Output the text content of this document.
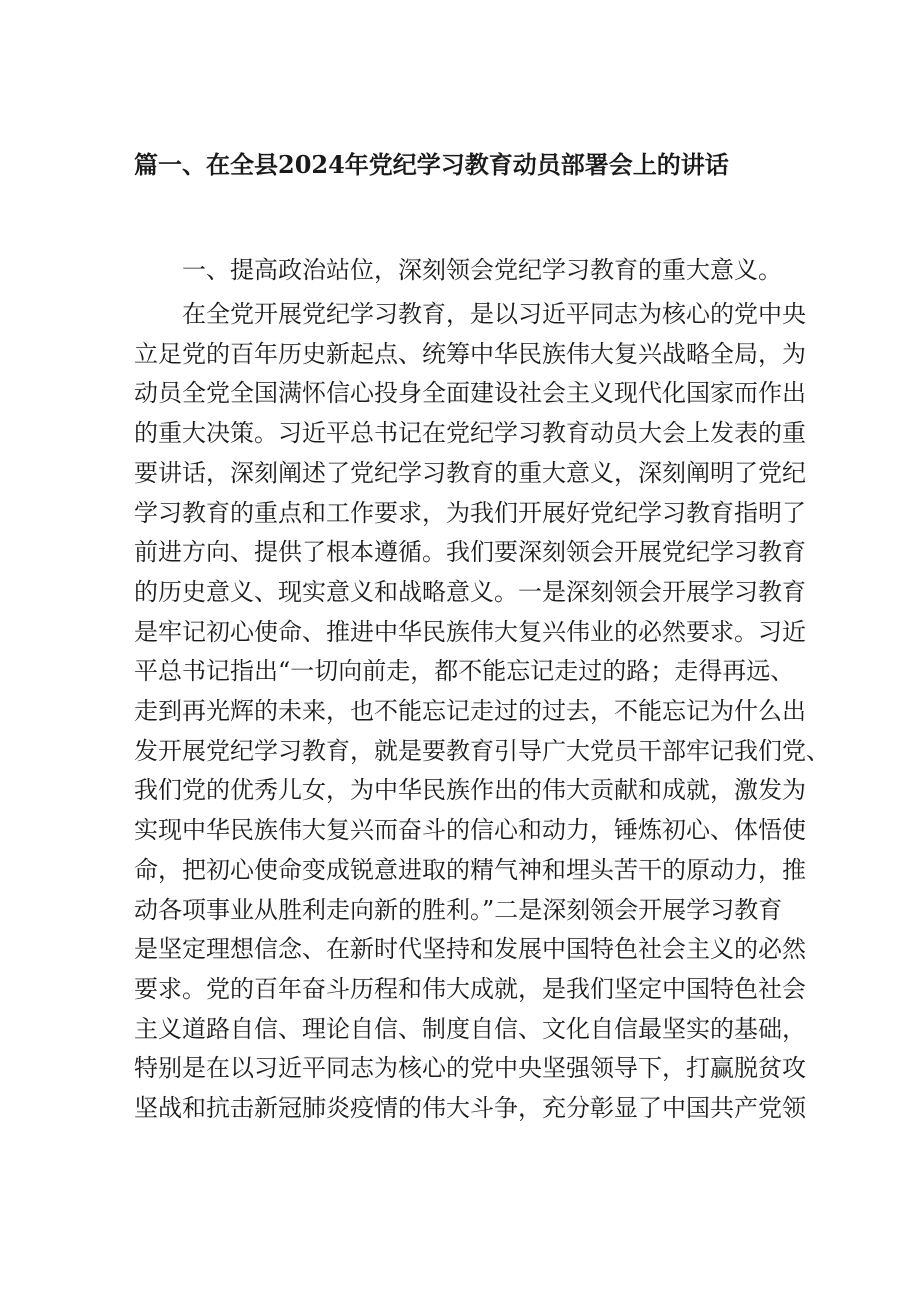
篇一、在全县2024年党纪学习教育动员部署会上的讲话

一、提高政治站位，深刻领会党纪学习教育的重大意义。

在全党开展党纪学习教育，是以习近平同志为核心的党中央
立足党的百年历史新起点、统筹中华民族伟大复兴战略全局，为
动员全党全国满怀信心投身全面建设社会主义现代化国家而作出
的重大决策。习近平总书记在党纪学习教育动员大会上发表的重
要讲话，深刻阐述了党纪学习教育的重大意义，深刻阐明了党纪
学习教育的重点和工作要求，为我们开展好党纪学习教育指明了
前进方向、提供了根本遵循。我们要深刻领会开展党纪学习教育
的历史意义、现实意义和战略意义。一是深刻领会开展学习教育
是牢记初心使命、推进中华民族伟大复兴伟业的必然要求。习近
平总书记指出“一切向前走，都不能忘记走过的路；走得再远、
走到再光辉的未来，也不能忘记走过的过去，不能忘记为什么出
发开展党纪学习教育，就是要教育引导广大党员干部牢记我们党、
我们党的优秀儿女，为中华民族作出的伟大贡献和成就，激发为
实现中华民族伟大复兴而奋斗的信心和动力，锤炼初心、体悟使
命，把初心使命变成锐意进取的精气神和埋头苦干的原动力，推
动各项事业从胜利走向新的胜利。”二是深刻领会开展学习教育
是坚定理想信念、在新时代坚持和发展中国特色社会主义的必然
要求。党的百年奋斗历程和伟大成就，是我们坚定中国特色社会
主义道路自信、理论自信、制度自信、文化自信最坚实的基础，
特别是在以习近平同志为核心的党中央坚强领导下，打赢脱贫攻
坚战和抗击新冠肺炎疫情的伟大斗争，充分彰显了中国共产党领
